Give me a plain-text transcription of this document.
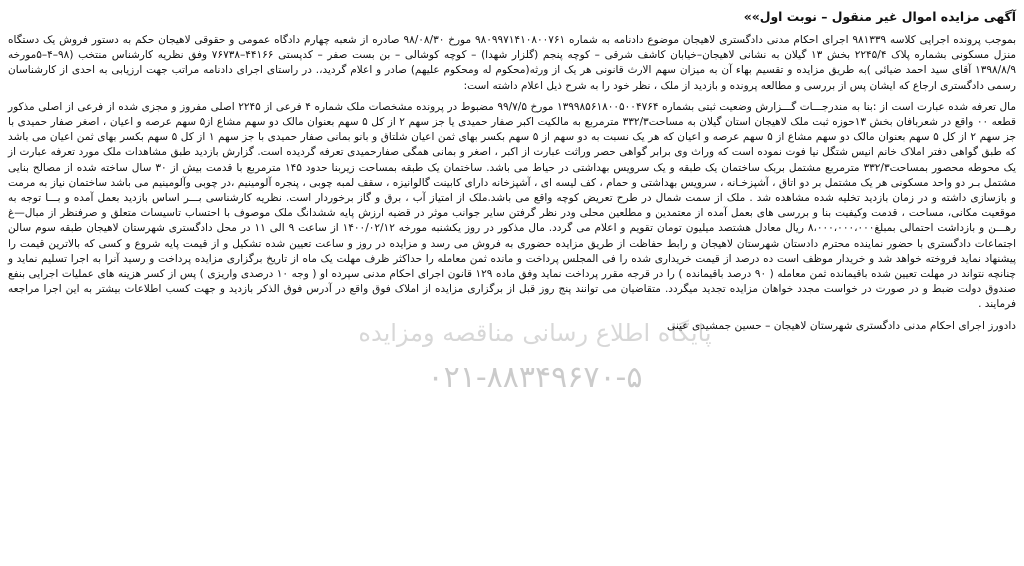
آگهی مزایده اموال غیر منقول – نوبت اول»»

بموجب پرونده اجرایی کلاسه ۹۸۱۳۳۹ اجرای احکام مدنی دادگستری لاهیجان موضوع دادنامه به شماره ۹۸۰۹۹۷۱۴۱۰۸۰۰۷۶۱ مورخ ۹۸/۰۸/۳۰ صادره از شعبه چهارم دادگاه عمومی و حقوقی لاهیجان حکم به دستور فروش یک دستگاه منزل مسکونی بشماره پلاک ۲۲۴۵/۴ بخش ۱۳ گیلان به نشانی لاهیجان–خیابان کاشف شرقی – کوچه پنجم (گلزار شهدا) – کوچه کوشالی – بن بست صفر – کدپستی ۴۴۱۶۶–۷۶۷۳۸ وفق نظریه کارشناس منتخب (۹۸–۴–۵مورخه ۱۳۹۸/۸/۹ آقای سید احمد ضیائی )به طریق مزایده و تقسیم بهاء آن به میزان سهم الارث قانونی هر یک از ورثه(محکوم له ومحکوم علیهم) صادر و اعلام گردید،. در راستای اجرای دادنامه مراتب جهت ارزیابی به احدی از کارشناسان رسمی دادگستری ارجاع که ایشان پس از بررسی و مطالعه پرونده و بازدید از ملک ، نظر خود را به شرح ذیل اعلام داشته است:

مال تعرفه شده عبارت است از :بنا به مندرجـــات گـــزارش وضعیت ثبتی بشماره ۱۳۹۹۸۵۶۱۸۰۰۵۰۰۴۷۶۴ مورخ ۹۹/۷/۵ مضبوط در پرونده مشخصات ملک شماره ۴ فرعی از ۲۲۴۵ اصلی مفروز و مجزی شده از فرعی از اصلی مذکور قطعه ۰۰ واقع در شعربافان بخش ۱۳حوزه ثبت ملک لاهیجان استان گیلان به مساحت۳۳۲/۳ مترمربع به مالکیت اکبر صفار حمیدی یا جز سهم ۲ از کل ۵ سهم بعنوان مالک دو سهم مشاع از۵ سهم عرصه و اعیان ، اصغر صفار حمیدی با جز سهم ۲ از کل ۵ سهم بعنوان مالک دو سهم مشاع از ۵ سهم عرصه و اعیان که هر یک نسبت به دو سهم از ۵ سهم بکسر بهای ثمن اعیان شلتاق و بانو بمانی صفار حمیدی با جز سهم ۱ از کل ۵ سهم بکسر بهای ثمن اعیان می باشد که طبق گواهی دفتر املاک خانم انیس شتگل نیا فوت نموده است که وراث وی برابر گواهی حصر وراثت عبارت از اکبر ، اصغر و بمانی همگی صفارحمیدی تعرفه گردیده است. گزارش بازدید طبق مشاهدات ملک مورد تعرفه عبارت از یک محوطه محصور بمساحت۳۳۲/۳ مترمربع مشتمل بربک ساختمان یک طبقه و یک سرویس بهداشتی در حیاط می باشد. ساختمان یک طبقه بمساحت زیربنا حدود ۱۴۵ مترمربع با قدمت بیش از ۳۰ سال ساخته شده از مصالح بنایی مشتمل بـر دو واحد مسکونی هر یک مشتمل بر دو اتاق ، آشپزخـانه ، سرویس بهداشتی و حمام ، کف لیسه ای ، آشپزخانه دارای کابینت گالوانیزه ، سقف لمبه چوبی ، پنجره آلومینیم ،در چوبی وآلومینیم می باشد ساختمان نیاز به مرمت و بازسازی داشته و در زمان بازدید تخلیه شده مشاهده شد . ملک از سمت شمال در طرح تعریض کوچه واقع می باشد.ملک از امتیاز آب ، برق و گاز برخوردار است. نظریه کارشناسی بـــر اساس بازدید بعمل آمده و بـــا توجه به موقعیت مکانی، مساحت ، قدمت وکیفیت بنا و بررسی های بعمل آمده از معتمدین و مطلعین محلی ودر نظر گرفتن سایر جوانب موثر در قضیه ارزش پایه ششدانگ ملک موصوف با احتساب تاسیسات متعلق و صرفنظر از مبال—غ رهـــن و بازداشت احتمالی بمبلغ۸،۰۰۰،۰۰۰،۰۰۰ ریال معادل هشتصد میلیون تومان تقویم و اعلام می گردد. مال مذکور در روز یکشنبه مورخه ۱۴۰۰/۰۲/۱۲ از ساعت ۹ الی ۱۱ در محل دادگستری شهرستان لاهیجان طبقه سوم سالن اجتماعات دادگستری با حضور نماینده محترم دادستان شهرستان لاهیجان و رابط حفاظت از طریق مزایده حضوری به فروش می رسد و مزایده در روز و ساعت تعیین شده تشکیل و از قیمت پایه شروع و کسی که بالاترین قیمت را پیشنهاد نماید فروخته خواهد شد و خریدار موظف است ده درصد از قیمت خریداری شده را فی المجلس پرداخت و مانده ثمن معامله را حداکثر ظرف مهلت یک ماه از تاریخ برگزاری مزایده پرداخت و رسید آنرا به اجرا تسلیم نماید و چنانچه نتواند در مهلت تعیین شده باقیمانده ثمن معامله ( ۹۰ درصد باقیمانده ) را در قرجه مقرر پرداخت نماید وفق ماده ۱۲۹ قانون اجرای احکام مدنی سپرده او ( وجه ۱۰ درصدی واریزی ) پس از کسر هزینه های عملیات اجرایی بنفع صندوق دولت ضبط و در صورت در خواست مجدد خواهان مزایده تجدید میگردد. متقاضیان می توانند پنج روز قبل از برگزاری مزایده از املاک فوق واقع در آدرس فوق الذکر بازدید و جهت کسب اطلاعات بیشتر به این اجرا مراجعه فرمایند .

دادورز اجرای احکام مدنی دادگستری شهرستان لاهیجان – حسین جمشیدی عینی
پایگاه اطلاع رسانی مناقصه ومزایده
۰۲۱-۸۸۳۴۹۶۷۰-۵
